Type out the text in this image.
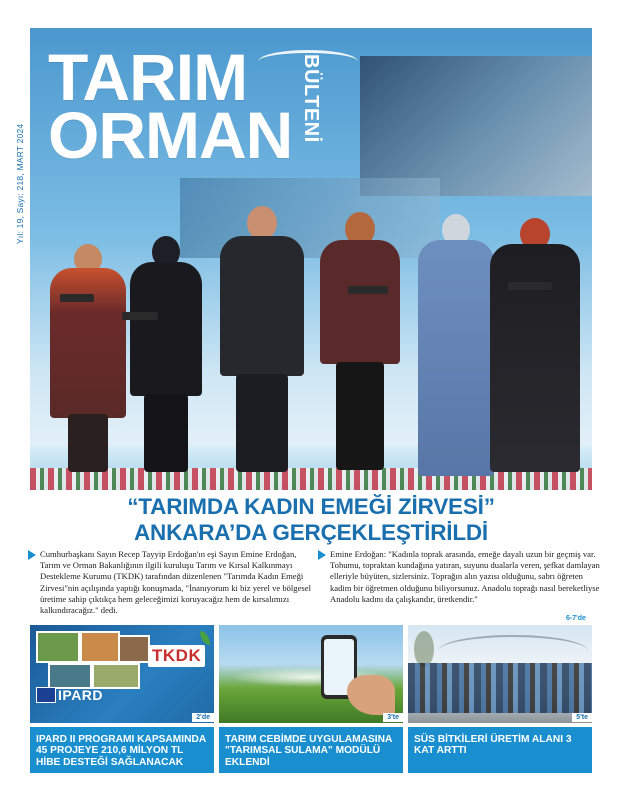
Yıl: 19, Sayı: 218, MART 2024
TARIM
ORMAN BÜLTENİ
“TARIMDA KADIN EMEĞİ ZİRVESİ”
ANKARA’DA GERÇEKLEŞTİRİLDİ
Cumhurbaşkanı Sayın Recep Tayyip Erdoğan'ın eşi Sayın Emine Erdoğan, Tarım ve Orman Bakanlığının ilgili kuruluşu Tarım ve Kırsal Kalkınmayı Destekleme Kurumu (TKDK) tarafından düzenlenen "Tarımda Kadın Emeği Zirvesi"nin açılışında yaptığı konuşmada, "İnanıyorum ki biz yerel ve bölgesel üretime sahip çıktıkça hem geleceğimizi koruyacağız hem de kırsalımızı kalkındıracağız." dedi.
Emine Erdoğan: "Kadınla toprak arasında, emeğe dayalı uzun bir geçmiş var. Tohumu, topraktan kundağına yatıran, suyunu dualarla veren, şefkat damlayan elleriyle büyüten, sizlersiniz. Toprağın alın yazısı olduğunu, sabrı öğreten kadim bir öğretmen olduğunu biliyorsunuz. Anadolu toprağı nasıl bereketliyse Anadolu kadını da çalışkandır, üretkendir."
6-7'de
TKDK
IPARD
2'de
IPARD II PROGRAMI KAPSAMINDA 45 PROJEYE 210,6 MİLYON TL HİBE DESTEĞİ SAĞLANACAK
3'te
TARIM CEBİMDE UYGULAMASINA "TARIMSAL SULAMA" MODÜLÜ EKLENDİ
5'te
SÜS BİTKİLERİ ÜRETİM ALANI 3 KAT ARTTI
